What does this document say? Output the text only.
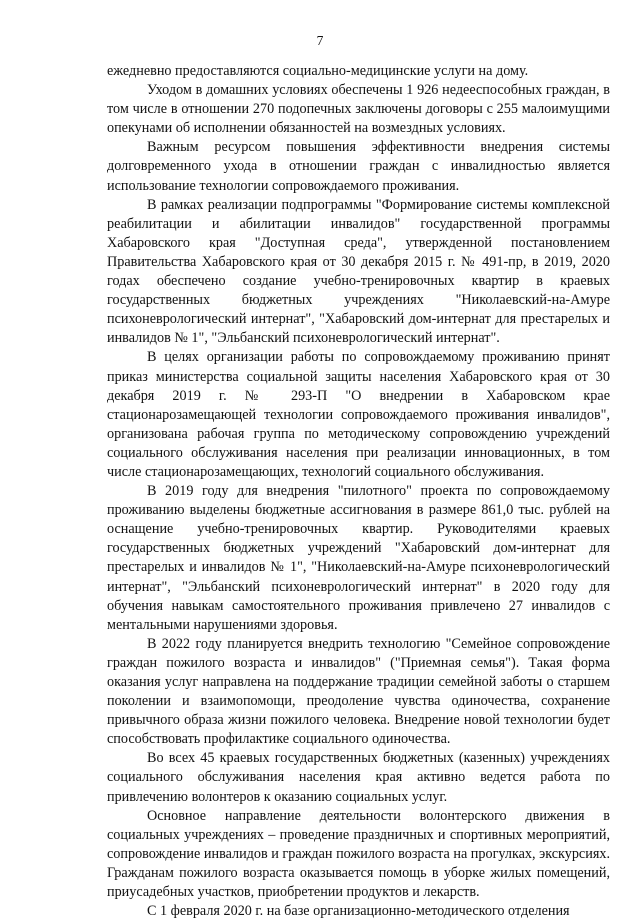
7

ежедневно предоставляются социально-медицинские услуги на дому.

Уходом в домашних условиях обеспечены 1 926 недееспособных граждан, в том числе в отношении 270 подопечных заключены договоры с 255 малоимущими опекунами об исполнении обязанностей на возмездных условиях.

Важным ресурсом повышения эффективности внедрения системы долговременного ухода в отношении граждан с инвалидностью является использование технологии сопровождаемого проживания.

В рамках реализации подпрограммы "Формирование системы комплексной реабилитации и абилитации инвалидов" государственной программы Хабаровского края "Доступная среда", утвержденной постановлением Правительства Хабаровского края от 30 декабря 2015 г. № 491-пр, в 2019, 2020 годах обеспечено создание учебно-тренировочных квартир в краевых государственных бюджетных учреждениях "Николаевский-на-Амуре психоневрологический интернат", "Хабаровский дом-интернат для престарелых и инвалидов № 1", "Эльбанский психоневрологический интернат".

В целях организации работы по сопровождаемому проживанию принят приказ министерства социальной защиты населения Хабаровского края от 30 декабря 2019 г. № 293-П "О внедрении в Хабаровском крае стационарозамещающей технологии сопровождаемого проживания инвалидов", организована рабочая группа по методическому сопровождению учреждений социального обслуживания населения при реализации инновационных, в том числе стационарозамещающих, технологий социального обслуживания.

В 2019 году для внедрения "пилотного" проекта по сопровождаемому проживанию выделены бюджетные ассигнования в размере 861,0 тыс. рублей на оснащение учебно-тренировочных квартир. Руководителями краевых государственных бюджетных учреждений "Хабаровский дом-интернат для престарелых и инвалидов № 1", "Николаевский-на-Амуре психоневрологический интернат", "Эльбанский психоневрологический интернат" в 2020 году для обучения навыкам самостоятельного проживания привлечено 27 инвалидов с ментальными нарушениями здоровья.

В 2022 году планируется внедрить технологию "Семейное сопровождение граждан пожилого возраста и инвалидов" ("Приемная семья"). Такая форма оказания услуг направлена на поддержание традиции семейной заботы о старшем поколении и взаимопомощи, преодоление чувства одиночества, сохранение привычного образа жизни пожилого человека. Внедрение новой технологии будет способствовать профилактике социального одиночества.

Во всех 45 краевых государственных бюджетных (казенных) учреждениях социального обслуживания населения края активно ведется работа по привлечению волонтеров к оказанию социальных услуг.

Основное направление деятельности волонтерского движения в социальных учреждениях – проведение праздничных и спортивных мероприятий, сопровождение инвалидов и граждан пожилого возраста на прогулках, экскурсиях. Гражданам пожилого возраста оказывается помощь в уборке жилых помещений, приусадебных участков, приобретении продуктов и лекарств.

С 1 февраля 2020 г. на базе организационно-методического отделения
